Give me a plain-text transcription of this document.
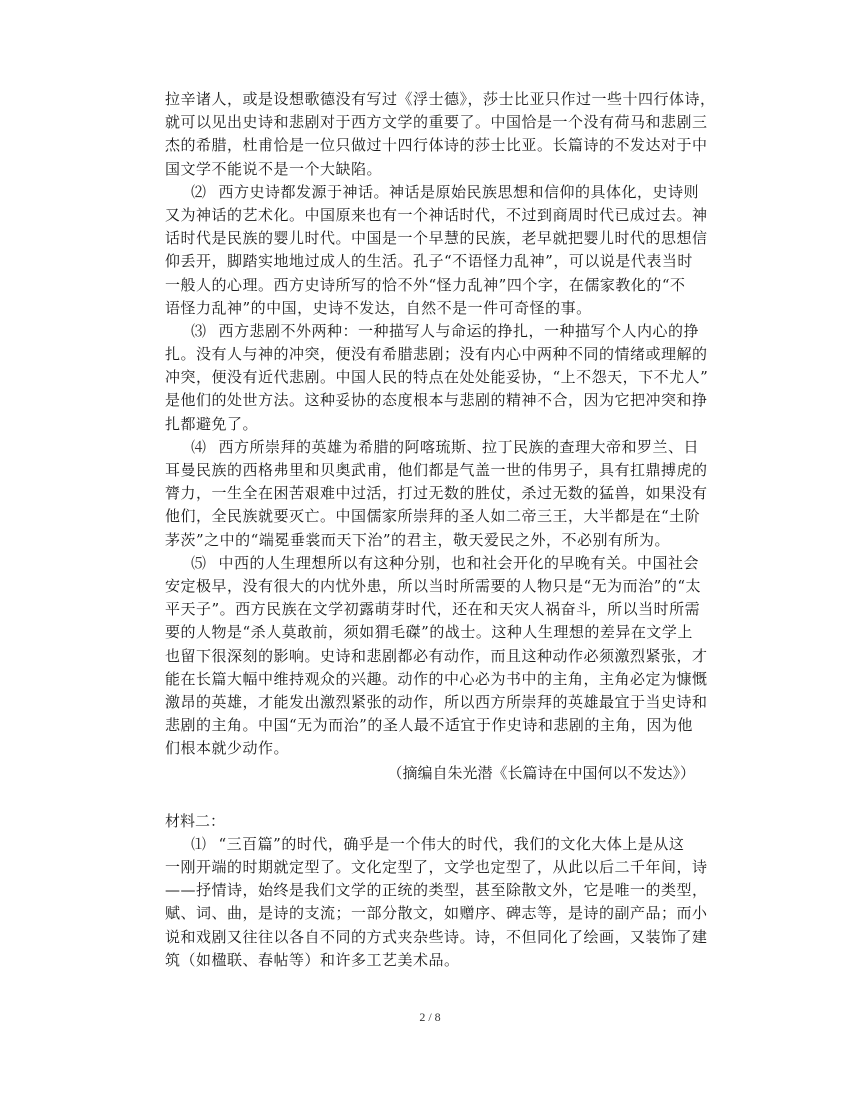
拉辛诸人，或是设想歌德没有写过《浮士德》，莎士比亚只作过一些十四行体诗，
就可以见出史诗和悲剧对于西方文学的重要了。中国恰是一个没有荷马和悲剧三
杰的希腊，杜甫恰是一位只做过十四行体诗的莎士比亚。长篇诗的不发达对于中
国文学不能说不是一个大缺陷。
⑵ 西方史诗都发源于神话。神话是原始民族思想和信仰的具体化，史诗则
又为神话的艺术化。中国原来也有一个神话时代，不过到商周时代已成过去。神
话时代是民族的婴儿时代。中国是一个早慧的民族，老早就把婴儿时代的思想信
仰丢开，脚踏实地地过成人的生活。孔子“不语怪力乱神”，可以说是代表当时
一般人的心理。西方史诗所写的恰不外“怪力乱神”四个字，在儒家教化的“不
语怪力乱神”的中国，史诗不发达，自然不是一件可奇怪的事。
⑶ 西方悲剧不外两种：一种描写人与命运的挣扎，一种描写个人内心的挣
扎。没有人与神的冲突，便没有希腊悲剧；没有内心中两种不同的情绪或理解的
冲突，便没有近代悲剧。中国人民的特点在处处能妥协，“上不怨天，下不尤人”
是他们的处世方法。这种妥协的态度根本与悲剧的精神不合，因为它把冲突和挣
扎都避免了。
⑷ 西方所崇拜的英雄为希腊的阿喀琉斯、拉丁民族的查理大帝和罗兰、日
耳曼民族的西格弗里和贝奥武甫，他们都是气盖一世的伟男子，具有扛鼎搏虎的
膂力，一生全在困苦艰难中过活，打过无数的胜仗，杀过无数的猛兽，如果没有
他们，全民族就要灭亡。中国儒家所崇拜的圣人如二帝三王，大半都是在“土阶
茅茨”之中的“端冕垂裳而天下治”的君主，敬天爱民之外，不必别有所为。
⑸ 中西的人生理想所以有这种分别，也和社会开化的早晚有关。中国社会
安定极早，没有很大的内忧外患，所以当时所需要的人物只是“无为而治”的“太
平天子”。西方民族在文学初露萌芽时代，还在和天灾人祸奋斗，所以当时所需
要的人物是“杀人莫敢前，须如猬毛磔”的战士。这种人生理想的差异在文学上
也留下很深刻的影响。史诗和悲剧都必有动作，而且这种动作必须激烈紧张，才
能在长篇大幅中维持观众的兴趣。动作的中心必为书中的主角，主角必定为慷慨
激昂的英雄，才能发出激烈紧张的动作，所以西方所崇拜的英雄最宜于当史诗和
悲剧的主角。中国“无为而治”的圣人最不适宜于作史诗和悲剧的主角，因为他
们根本就少动作。
（摘编自朱光潜《长篇诗在中国何以不发达》）
材料二：
⑴ “三百篇”的时代，确乎是一个伟大的时代，我们的文化大体上是从这
一刚开端的时期就定型了。文化定型了，文学也定型了，从此以后二千年间，诗
——抒情诗，始终是我们文学的正统的类型，甚至除散文外，它是唯一的类型，
赋、词、曲，是诗的支流；一部分散文，如赠序、碑志等，是诗的副产品；而小
说和戏剧又往往以各自不同的方式夹杂些诗。诗，不但同化了绘画，又装饰了建
筑（如楹联、春帖等）和许多工艺美术品。
2 / 8
